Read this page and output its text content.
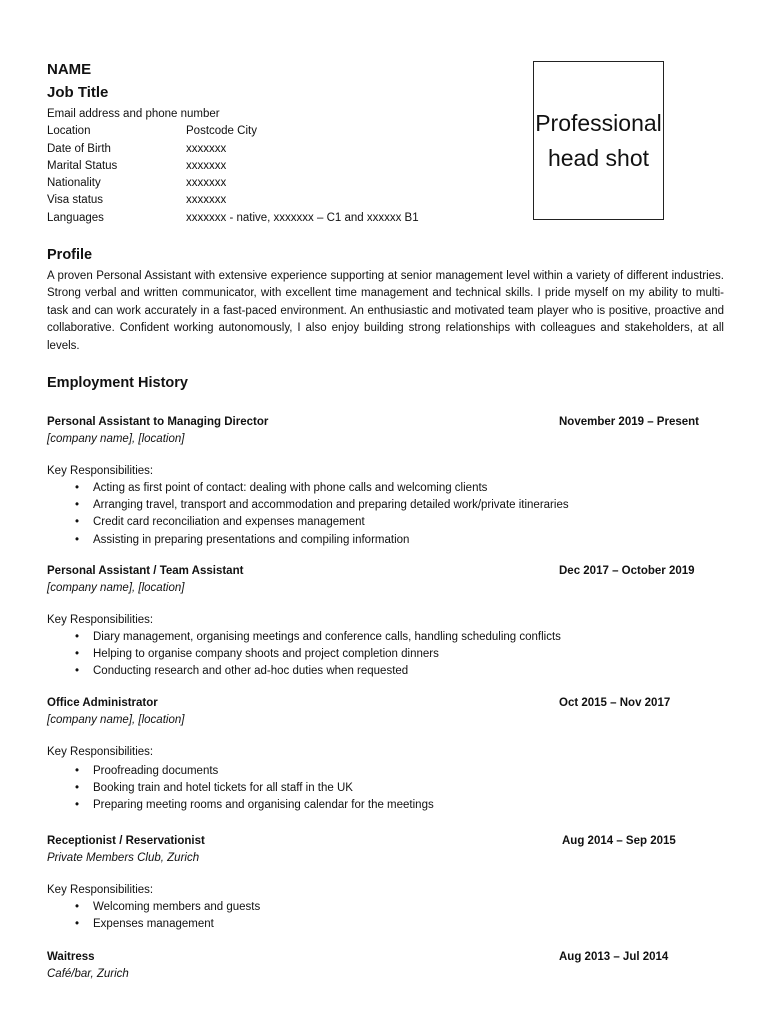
NAME
Job Title
Email address and phone number
Location	Postcode City
Date of Birth	xxxxxxx
Marital Status	xxxxxxx
Nationality	xxxxxxx
Visa status	xxxxxxx
Languages	xxxxxxx - native, xxxxxxx – C1 and xxxxxx B1
Professional
head shot
Profile
A proven Personal Assistant with extensive experience supporting at senior management level within a variety of different industries. Strong verbal and written communicator, with excellent time management and technical skills. I pride myself on my ability to multi-task and can work accurately in a fast-paced environment. An enthusiastic and motivated team player who is positive, proactive and collaborative. Confident working autonomously, I also enjoy building strong relationships with colleagues and stakeholders, at all levels.
Employment History
Personal Assistant to Managing Director	November 2019 – Present
[company name], [location]
Key Responsibilities:
• Acting as first point of contact: dealing with phone calls and welcoming clients
• Arranging travel, transport and accommodation and preparing detailed work/private itineraries
• Credit card reconciliation and expenses management
• Assisting in preparing presentations and compiling information
Personal Assistant / Team Assistant	Dec 2017 – October 2019
[company name], [location]
Key Responsibilities:
• Diary management, organising meetings and conference calls, handling scheduling conflicts
• Helping to organise company shoots and project completion dinners
• Conducting research and other ad-hoc duties when requested
Office Administrator	Oct 2015 – Nov 2017
[company name], [location]
Key Responsibilities:
• Proofreading documents
• Booking train and hotel tickets for all staff in the UK
• Preparing meeting rooms and organising calendar for the meetings
Receptionist / Reservationist	Aug 2014 – Sep 2015
Private Members Club, Zurich
Key Responsibilities:
• Welcoming members and guests
• Expenses management
Waitress	Aug 2013 – Jul 2014
Café/bar, Zurich
